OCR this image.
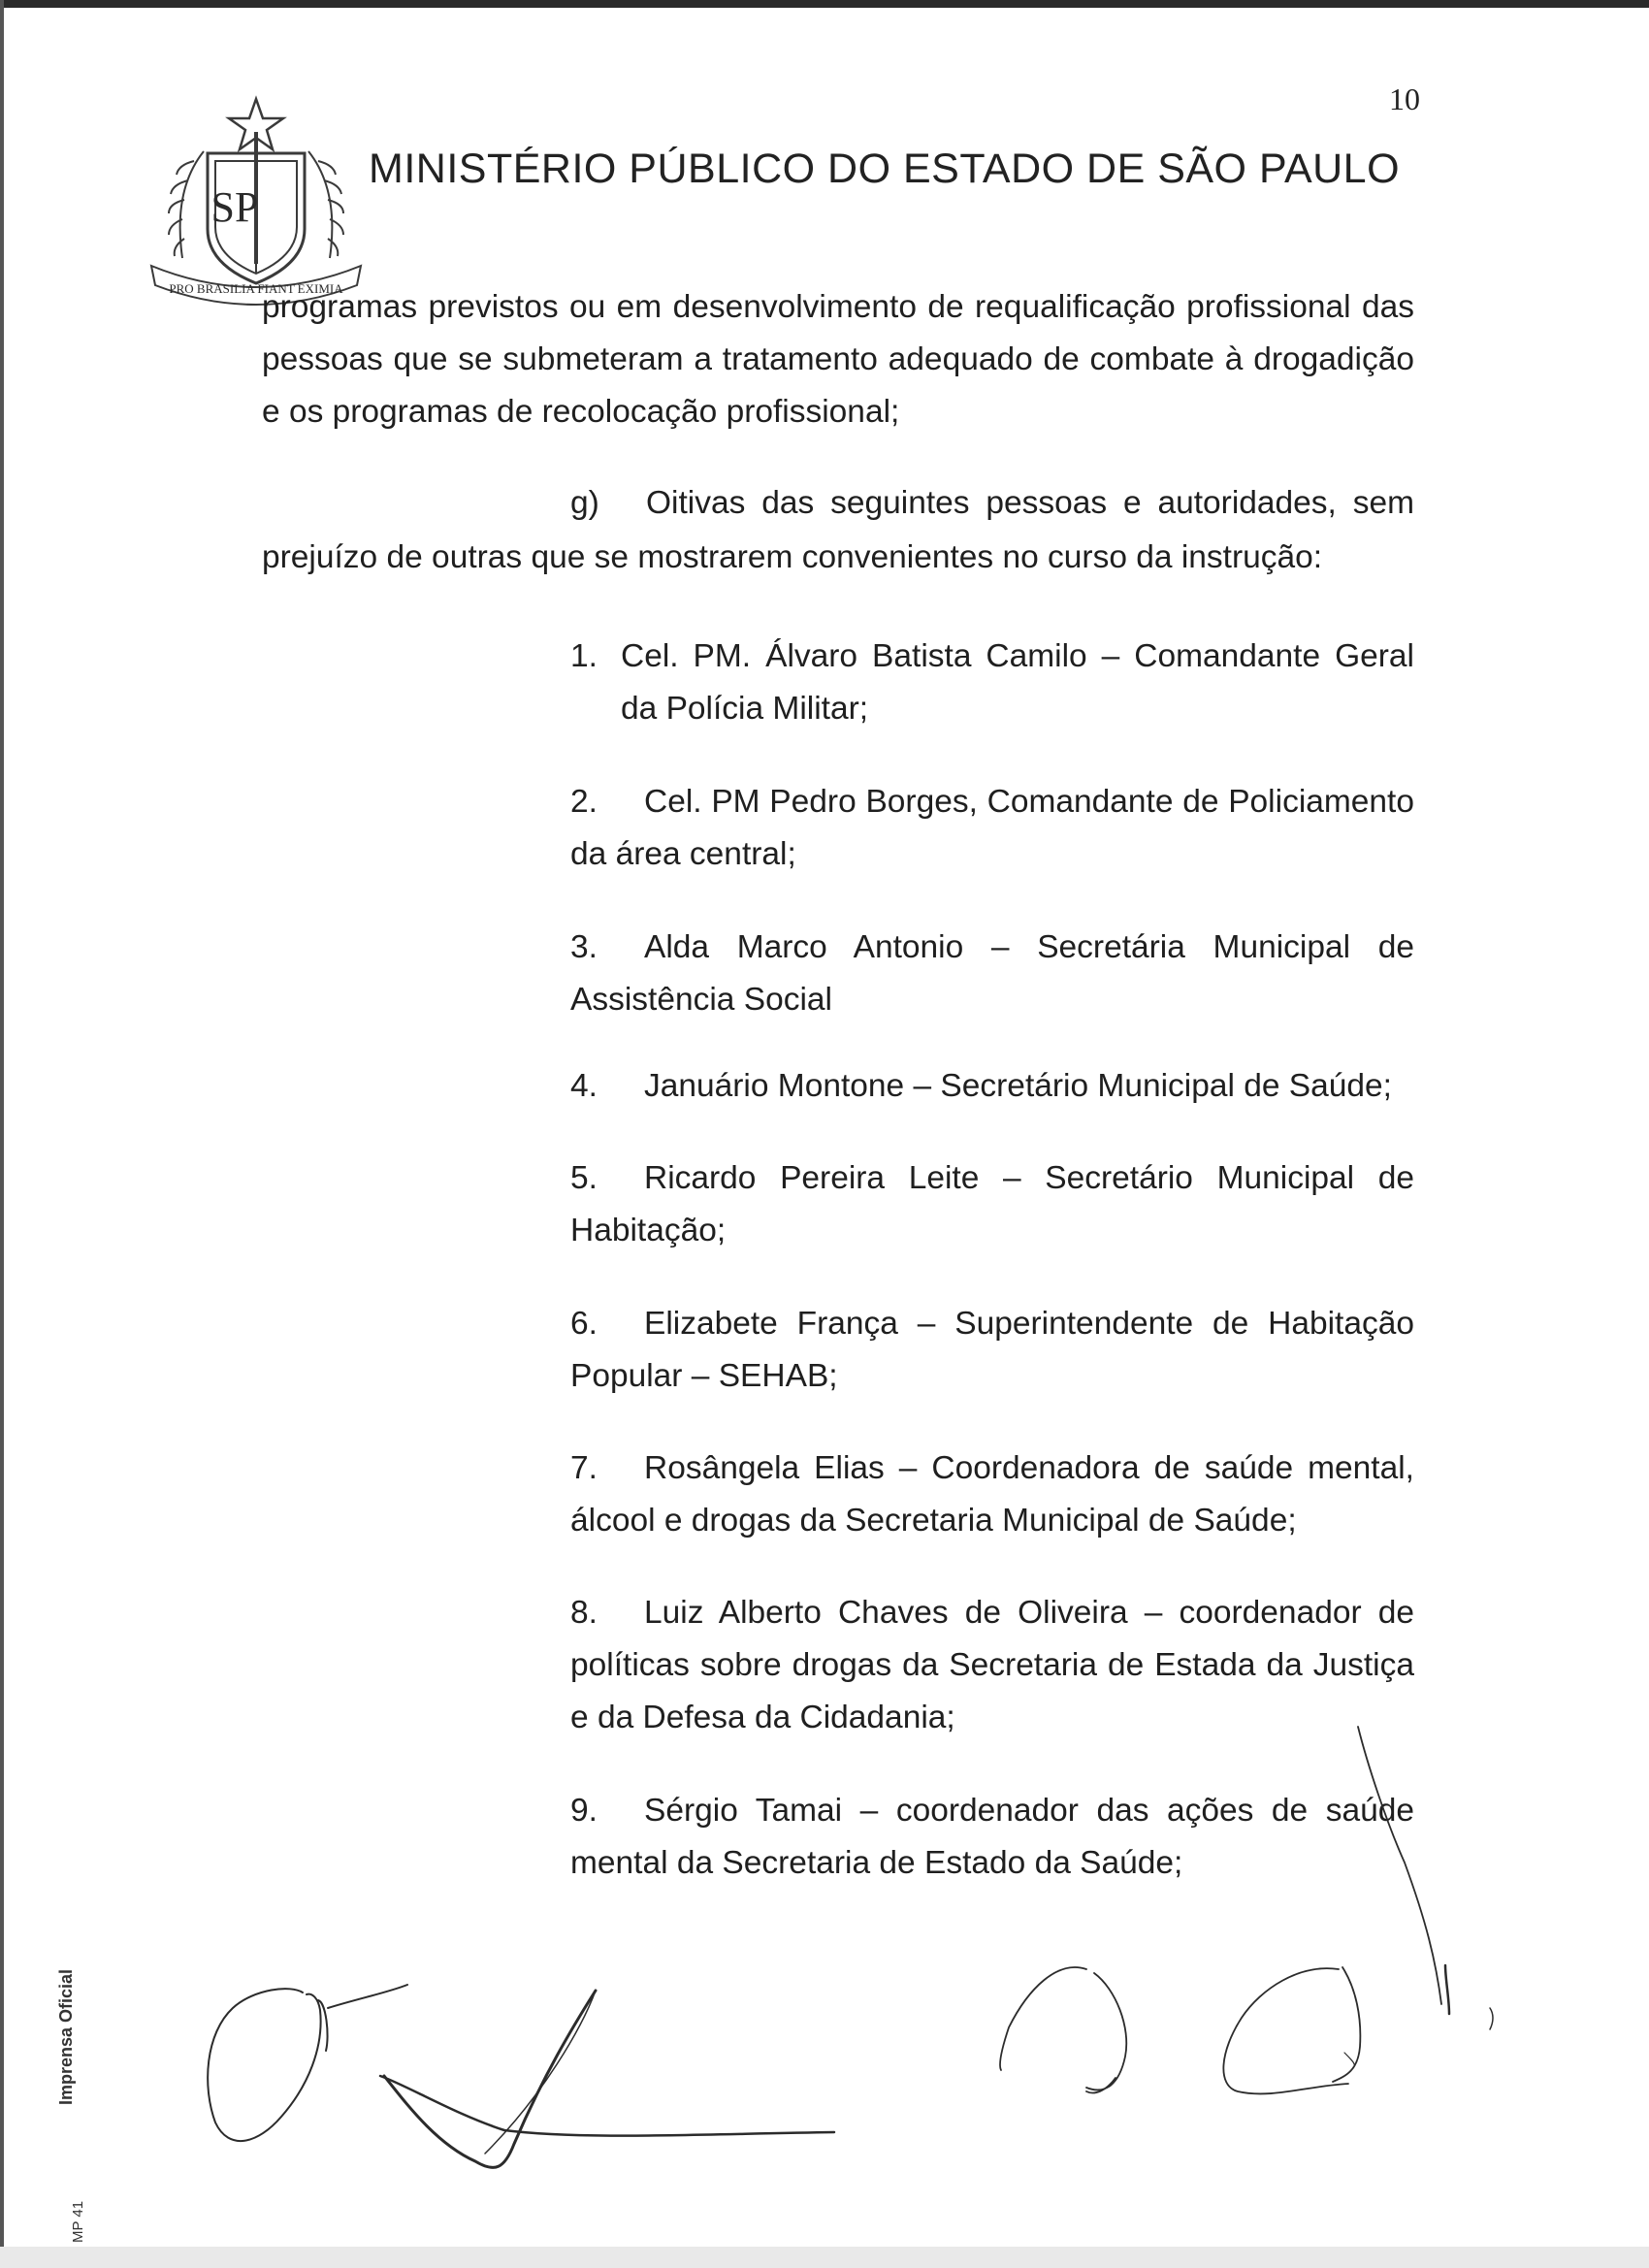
10
SP
PRO BRASILIA FIANT EXIMIA
MINISTÉRIO PÚBLICO DO ESTADO DE SÃO PAULO
programas previstos ou em desenvolvimento de requalificação profissional das
pessoas que se submeteram a tratamento adequado de combate à drogadição
e os programas de recolocação profissional;
g) Oitivas das seguintes pessoas e autoridades, sem
prejuízo de outras que se mostrarem convenientes no curso da instrução:
1. Cel. PM. Álvaro Batista Camilo – Comandante Geral
da Polícia Militar;
2. Cel. PM Pedro Borges, Comandante de Policiamento
da área central;
3. Alda Marco Antonio – Secretária Municipal de
Assistência Social
4. Januário Montone – Secretário Municipal de Saúde;
5. Ricardo Pereira Leite – Secretário Municipal de
Habitação;
6. Elizabete França – Superintendente de Habitação
Popular – SEHAB;
7. Rosângela Elias – Coordenadora de saúde mental,
álcool e drogas da Secretaria Municipal de Saúde;
8. Luiz Alberto Chaves de Oliveira – coordenador de
políticas sobre drogas da Secretaria de Estada da Justiça
e da Defesa da Cidadania;
9. Sérgio Tamai – coordenador das ações de saúde
mental da Secretaria de Estado da Saúde;
Imprensa Oficial
MP 41
